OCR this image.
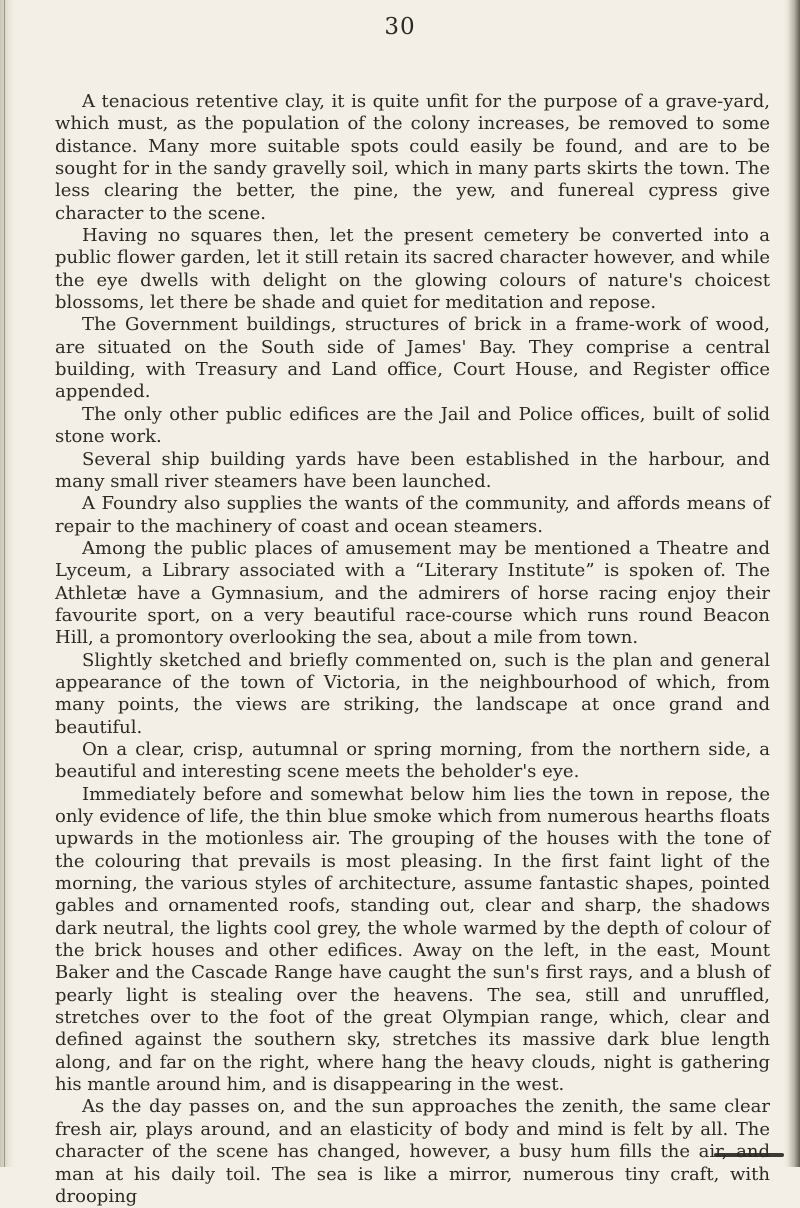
30

A tenacious retentive clay, it is quite unfit for the purpose of a grave-yard, which must, as the population of the colony increases, be removed to some distance. Many more suitable spots could easily be found, and are to be sought for in the sandy gravelly soil, which in many parts skirts the town. The less clearing the better, the pine, the yew, and funereal cypress give character to the scene.

Having no squares then, let the present cemetery be converted into a public flower garden, let it still retain its sacred character however, and while the eye dwells with delight on the glowing colours of nature's choicest blossoms, let there be shade and quiet for meditation and repose.

The Government buildings, structures of brick in a frame-work of wood, are situated on the South side of James' Bay. They comprise a central building, with Treasury and Land office, Court House, and Register office appended.

The only other public edifices are the Jail and Police offices, built of solid stone work.

Several ship building yards have been established in the harbour, and many small river steamers have been launched.

A Foundry also supplies the wants of the community, and affords means of repair to the machinery of coast and ocean steamers.

Among the public places of amusement may be mentioned a Theatre and Lyceum, a Library associated with a “Literary Institute” is spoken of. The Athletæ have a Gymnasium, and the admirers of horse racing enjoy their favourite sport, on a very beautiful race-course which runs round Beacon Hill, a promontory overlooking the sea, about a mile from town.

Slightly sketched and briefly commented on, such is the plan and general appearance of the town of Victoria, in the neighbourhood of which, from many points, the views are striking, the landscape at once grand and beautiful.

On a clear, crisp, autumnal or spring morning, from the northern side, a beautiful and interesting scene meets the beholder's eye.

Immediately before and somewhat below him lies the town in repose, the only evidence of life, the thin blue smoke which from numerous hearths floats upwards in the motionless air. The grouping of the houses with the tone of the colouring that prevails is most pleasing. In the first faint light of the morning, the various styles of architecture, assume fantastic shapes, pointed gables and ornamented roofs, standing out, clear and sharp, the shadows dark neutral, the lights cool grey, the whole warmed by the depth of colour of the brick houses and other edifices. Away on the left, in the east, Mount Baker and the Cascade Range have caught the sun's first rays, and a blush of pearly light is stealing over the heavens. The sea, still and unruffled, stretches over to the foot of the great Olympian range, which, clear and defined against the southern sky, stretches its massive dark blue length along, and far on the right, where hang the heavy clouds, night is gathering his mantle around him, and is disappearing in the west.

As the day passes on, and the sun approaches the zenith, the same clear fresh air, plays around, and an elasticity of body and mind is felt by all. The character of the scene has changed, however, a busy hum fills the air, and man at his daily toil. The sea is like a mirror, numerous tiny craft, with drooping
